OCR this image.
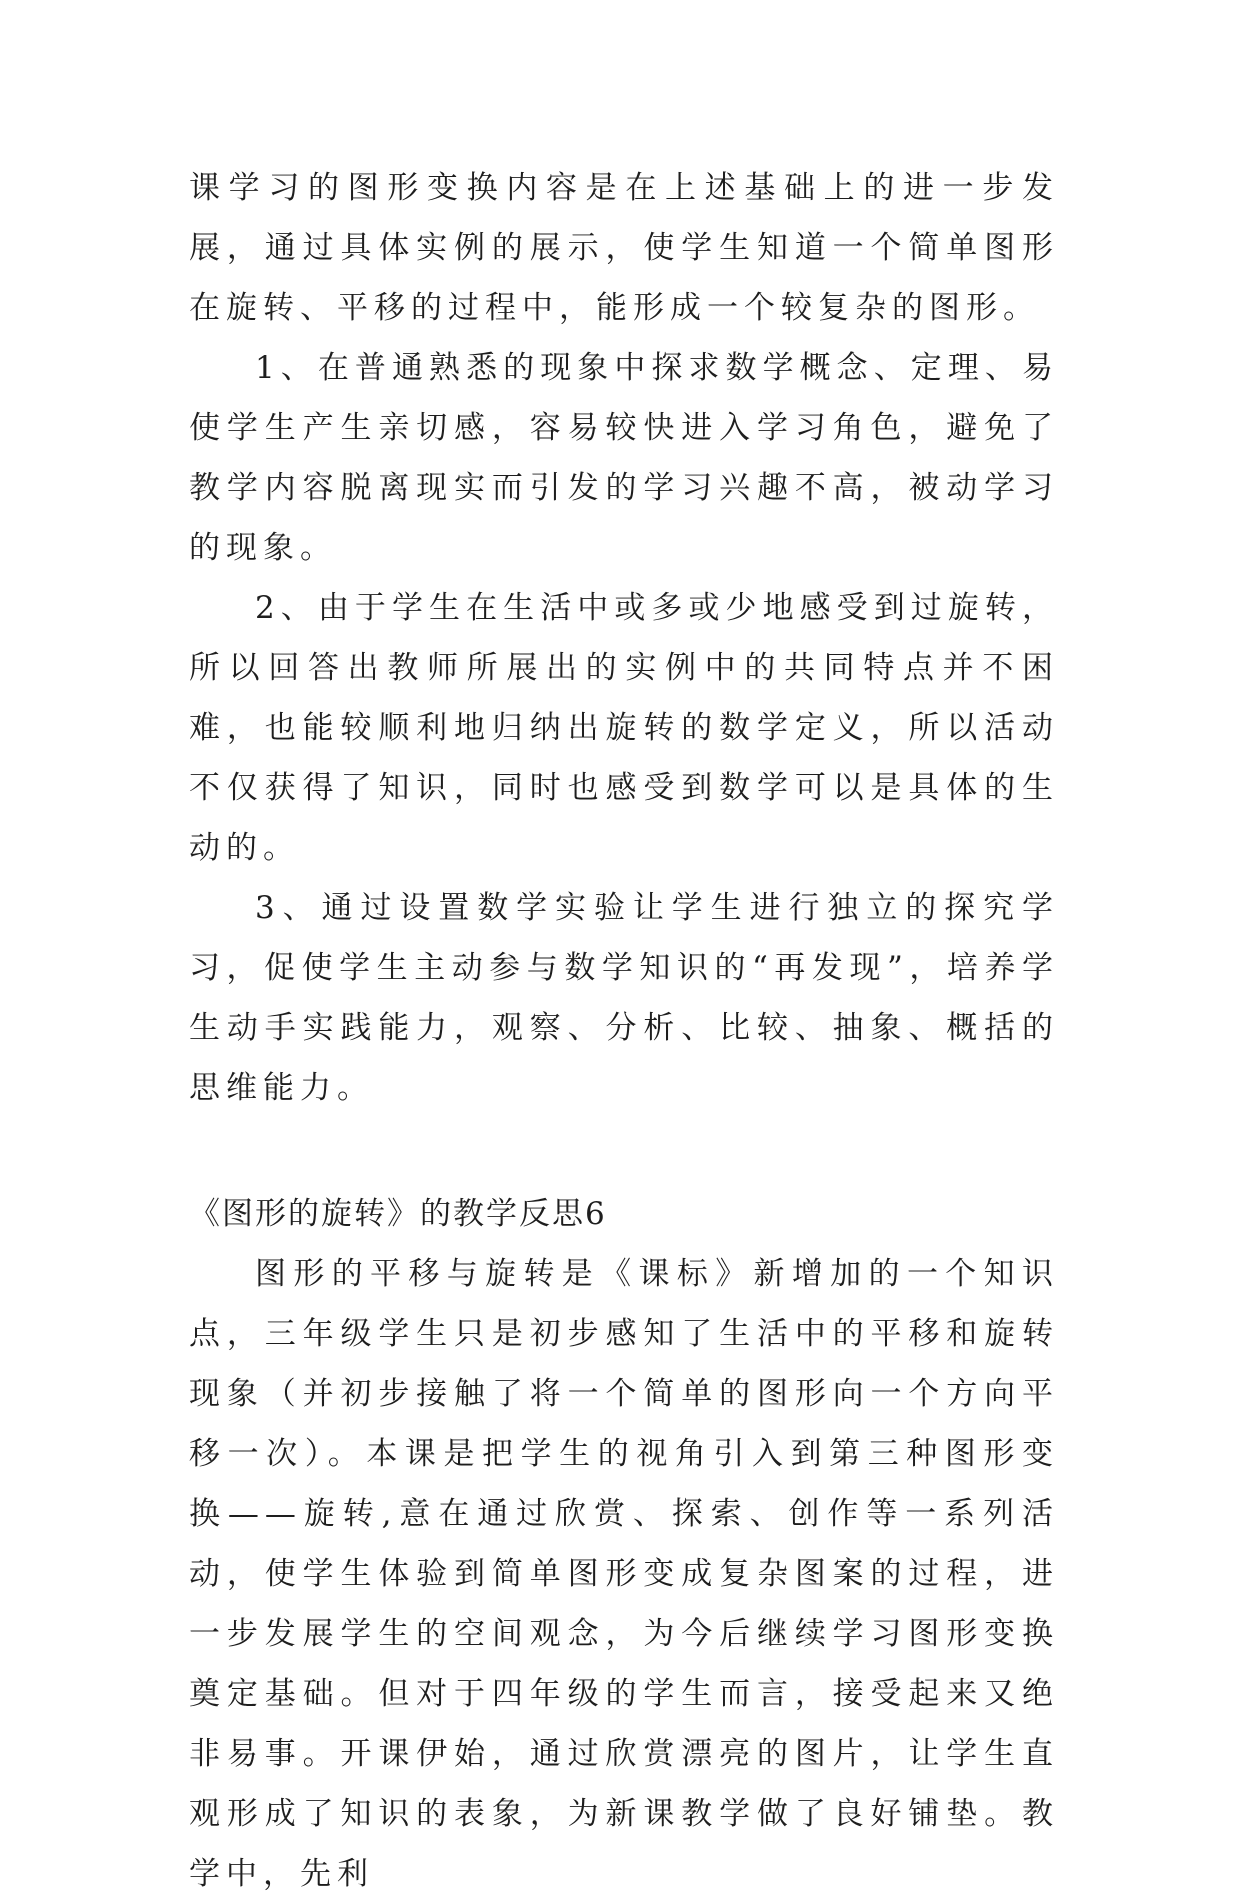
课学习的图形变换内容是在上述基础上的进一步发展，通过具体实例的展示，使学生知道一个简单图形在旋转、平移的过程中，能形成一个较复杂的图形。

1、在普通熟悉的现象中探求数学概念、定理、易使学生产生亲切感，容易较快进入学习角色，避免了教学内容脱离现实而引发的学习兴趣不高，被动学习的现象。

2、由于学生在生活中或多或少地感受到过旋转，所以回答出教师所展出的实例中的共同特点并不困难，也能较顺利地归纳出旋转的数学定义，所以活动不仅获得了知识，同时也感受到数学可以是具体的生动的。

3、通过设置数学实验让学生进行独立的探究学习，促使学生主动参与数学知识的“再发现”，培养学生动手实践能力，观察、分析、比较、抽象、概括的思维能力。

《图形的旋转》的教学反思6

图形的平移与旋转是《课标》新增加的一个知识点，三年级学生只是初步感知了生活中的平移和旋转现象（并初步接触了将一个简单的图形向一个方向平移一次）。本课是把学生的视角引入到第三种图形变换——旋转,意在通过欣赏、探索、创作等一系列活动，使学生体验到简单图形变成复杂图案的过程，进一步发展学生的空间观念，为今后继续学习图形变换奠定基础。但对于四年级的学生而言，接受起来又绝非易事。开课伊始，通过欣赏漂亮的图片，让学生直观形成了知识的表象，为新课教学做了良好铺垫。教学中，先利
